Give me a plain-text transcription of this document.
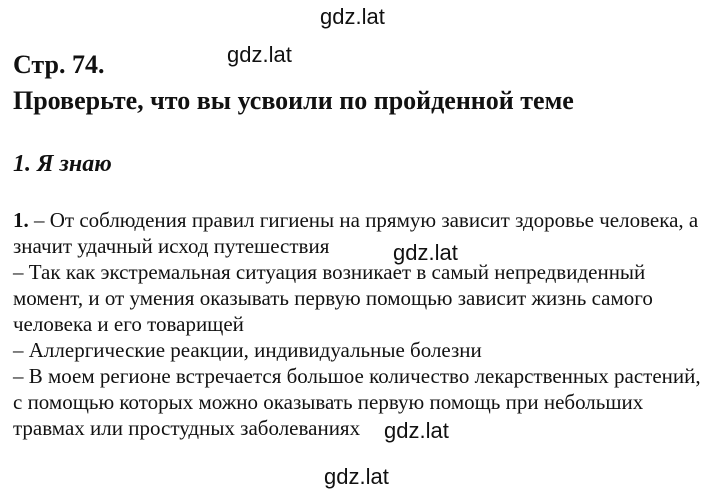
gdz.lat
gdz.lat
Стр. 74.
Проверьте, что вы усвоили по пройденной теме
1. Я знаю
1. – От соблюдения правил гигиены на прямую зависит здоровье человека, а
значит удачный исход путешествия
– Так как экстремальная ситуация возникает в самый непредвиденный
момент, и от умения оказывать первую помощью зависит жизнь самого
человека и его товарищей
– Аллергические реакции, индивидуальные болезни
– В моем регионе встречается большое количество лекарственных растений,
с помощью которых можно оказывать первую помощь при небольших
травмах или простудных заболеваниях
gdz.lat
gdz.lat
gdz.lat
